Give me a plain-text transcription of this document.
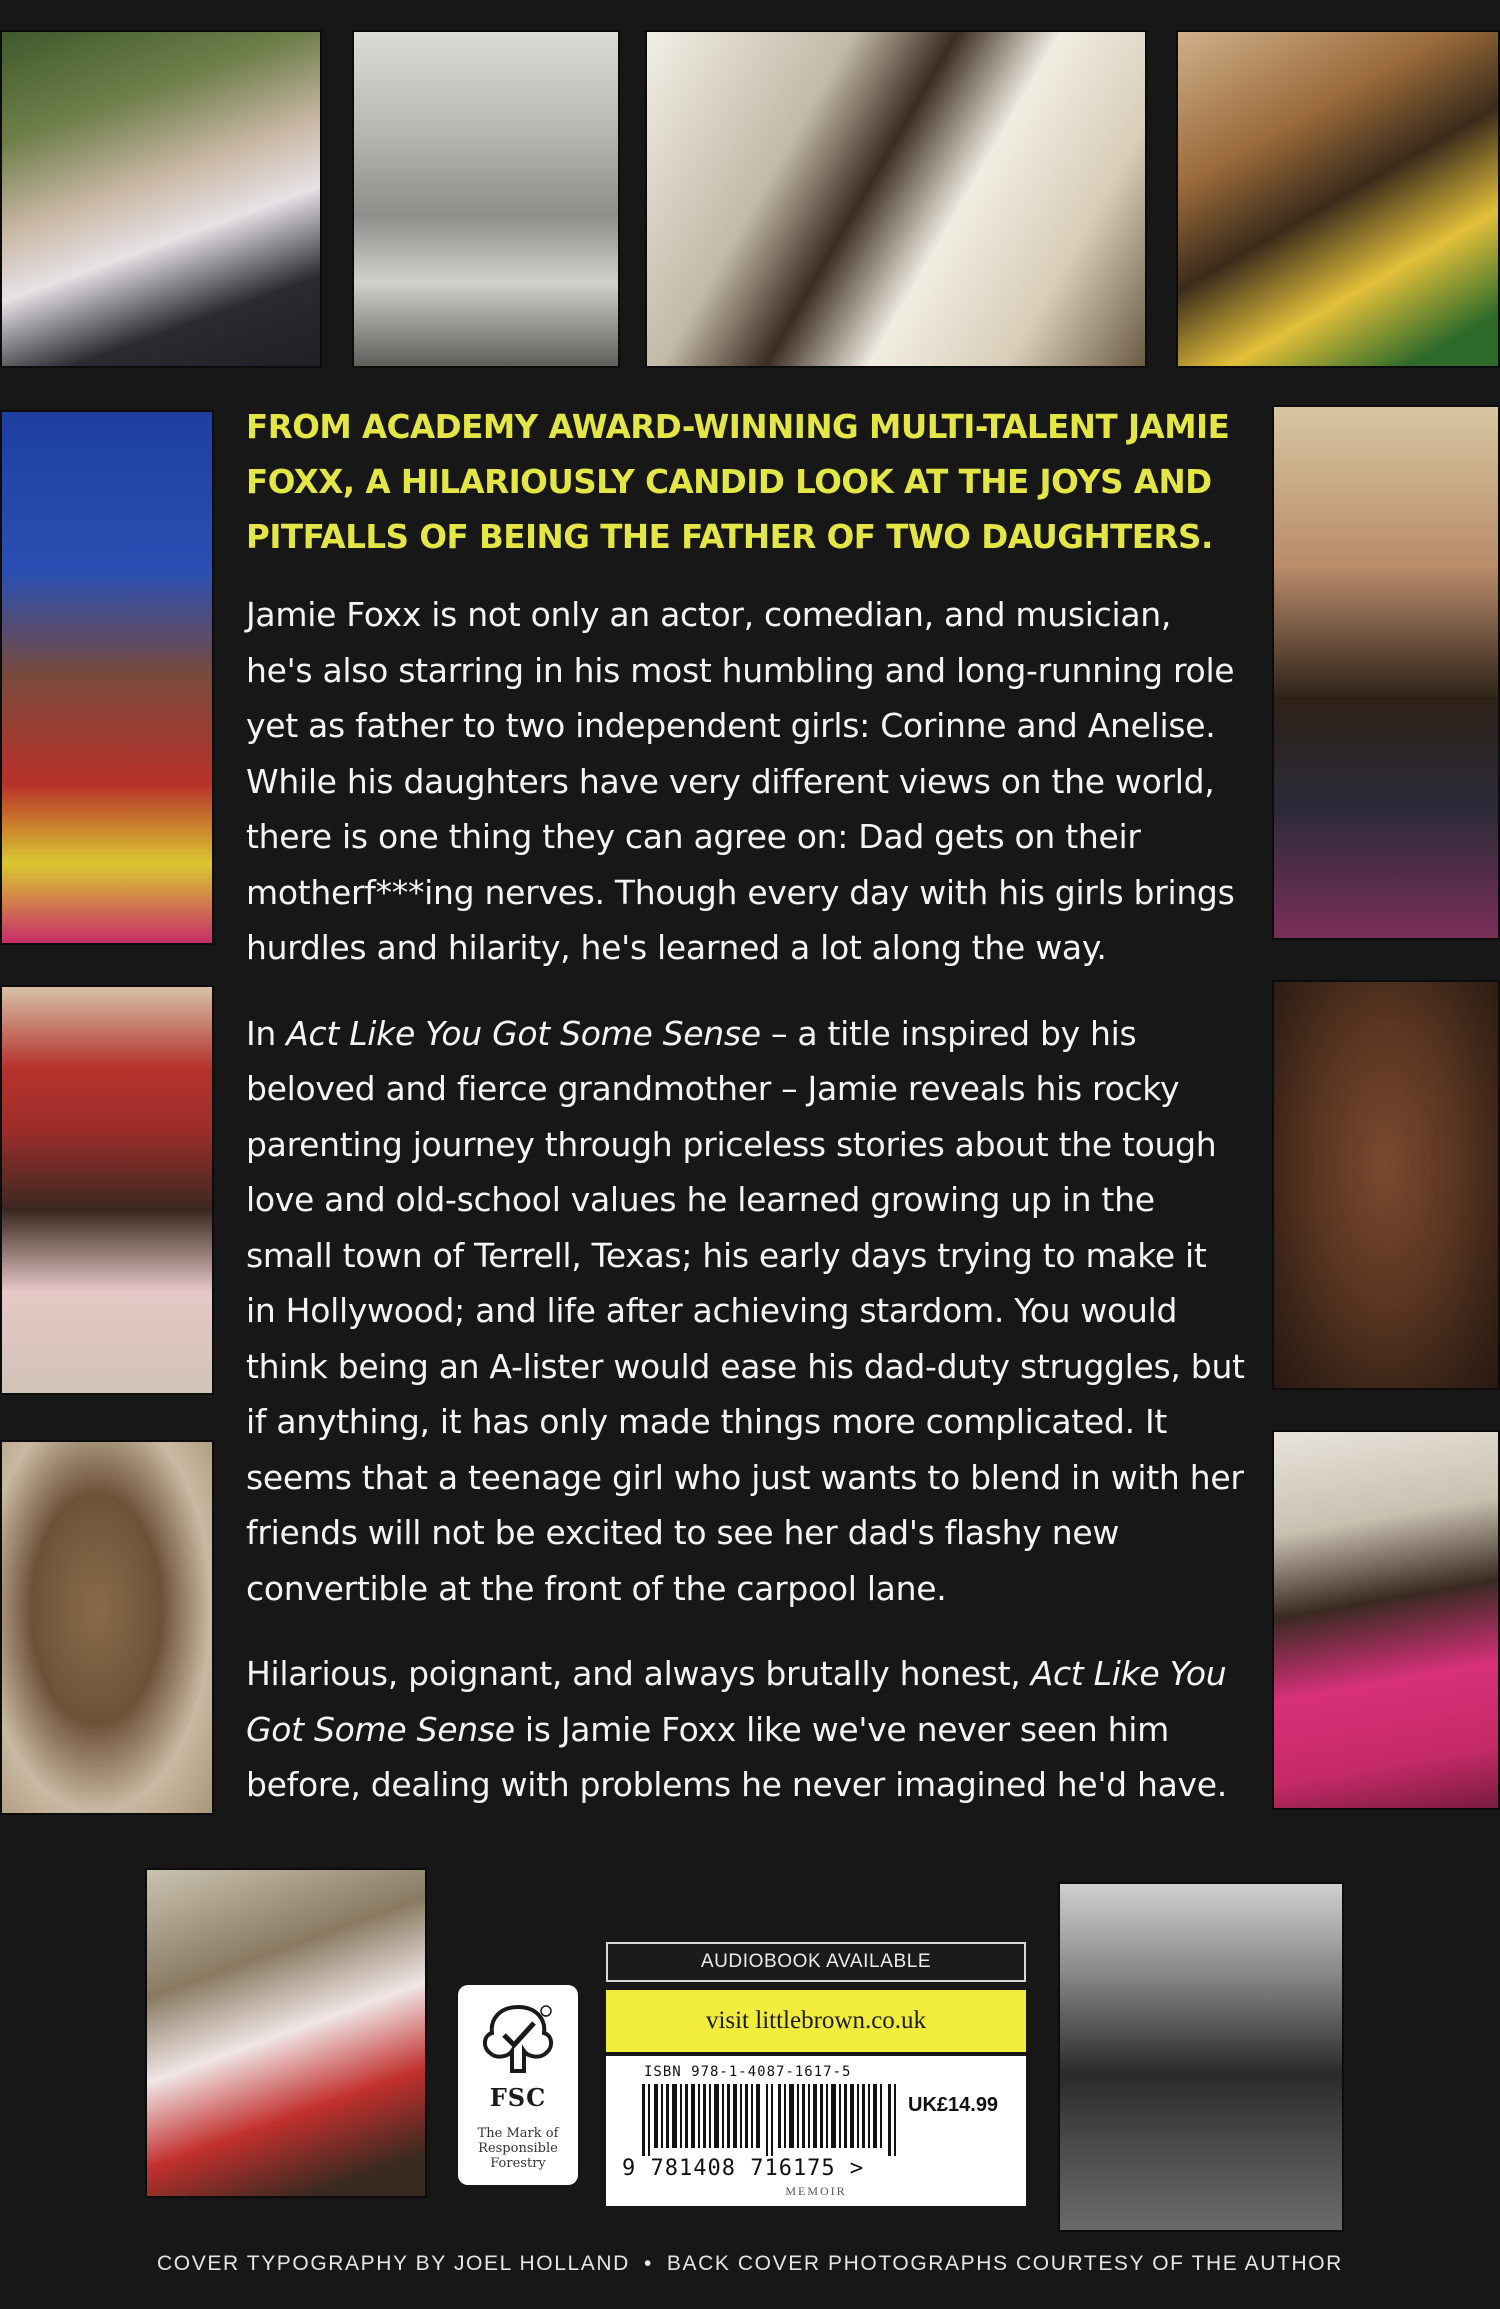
FROM ACADEMY AWARD-WINNING MULTI-TALENT JAMIE FOXX, A HILARIOUSLY CANDID LOOK AT THE JOYS AND PITFALLS OF BEING THE FATHER OF TWO DAUGHTERS.

Jamie Foxx is not only an actor, comedian, and musician, he's also starring in his most humbling and long-running role yet as father to two independent girls: Corinne and Anelise. While his daughters have very different views on the world, there is one thing they can agree on: Dad gets on their motherf***ing nerves. Though every day with his girls brings hurdles and hilarity, he's learned a lot along the way.

In Act Like You Got Some Sense – a title inspired by his beloved and fierce grandmother – Jamie reveals his rocky parenting journey through priceless stories about the tough love and old-school values he learned growing up in the small town of Terrell, Texas; his early days trying to make it in Hollywood; and life after achieving stardom. You would think being an A-lister would ease his dad-duty struggles, but if anything, it has only made things more complicated. It seems that a teenage girl who just wants to blend in with her friends will not be excited to see her dad's flashy new convertible at the front of the carpool lane.

Hilarious, poignant, and always brutally honest, Act Like You Got Some Sense is Jamie Foxx like we've never seen him before, dealing with problems he never imagined he'd have.

FSC
The Mark of
Responsible
Forestry
AUDIOBOOK AVAILABLE
visit littlebrown.co.uk
ISBN 978-1-4087-1617-5
UK£14.99
9 781408 716175 >
MEMOIR
COVER TYPOGRAPHY BY JOEL HOLLAND • BACK COVER PHOTOGRAPHS COURTESY OF THE AUTHOR
